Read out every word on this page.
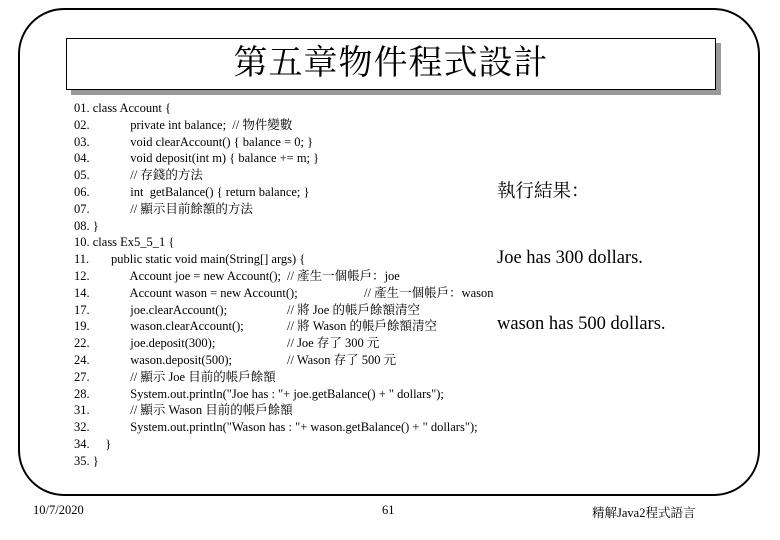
第五章物件程式設計
01. class Account {
02.             private int balance;  // 物件變數
03.             void clearAccount() { balance = 0; }
04.             void deposit(int m) { balance += m; }
05.             // 存錢的方法
06.             int  getBalance() { return balance; }
07.             // 顯示目前餘額的方法
08. }
10. class Ex5_5_1 {
11.       public static void main(String[] args) {
12.             Account joe = new Account(); // 產生一個帳戶：joe
14.             Account wason = new Account();	// 產生一個帳戶：wason
17.             joe.clearAccount();	// 將 Joe 的帳戶餘額清空
19.             wason.clearAccount();	// 將 Wason 的帳戶餘額清空
22.             joe.deposit(300);	// Joe 存了 300 元
24.             wason.deposit(500);	// Wason 存了 500 元
27.             // 顯示 Joe 目前的帳戶餘額
28.             System.out.println("Joe has : "+ joe.getBalance() + " dollars");
31.             // 顯示 Wason 目前的帳戶餘額
32.             System.out.println("Wason has : "+ wason.getBalance() + " dollars");
34.     }
35. }

執行結果：

Joe has 300 dollars.

wason has 500 dollars.

10/7/2020	61	精解Java2程式語言
